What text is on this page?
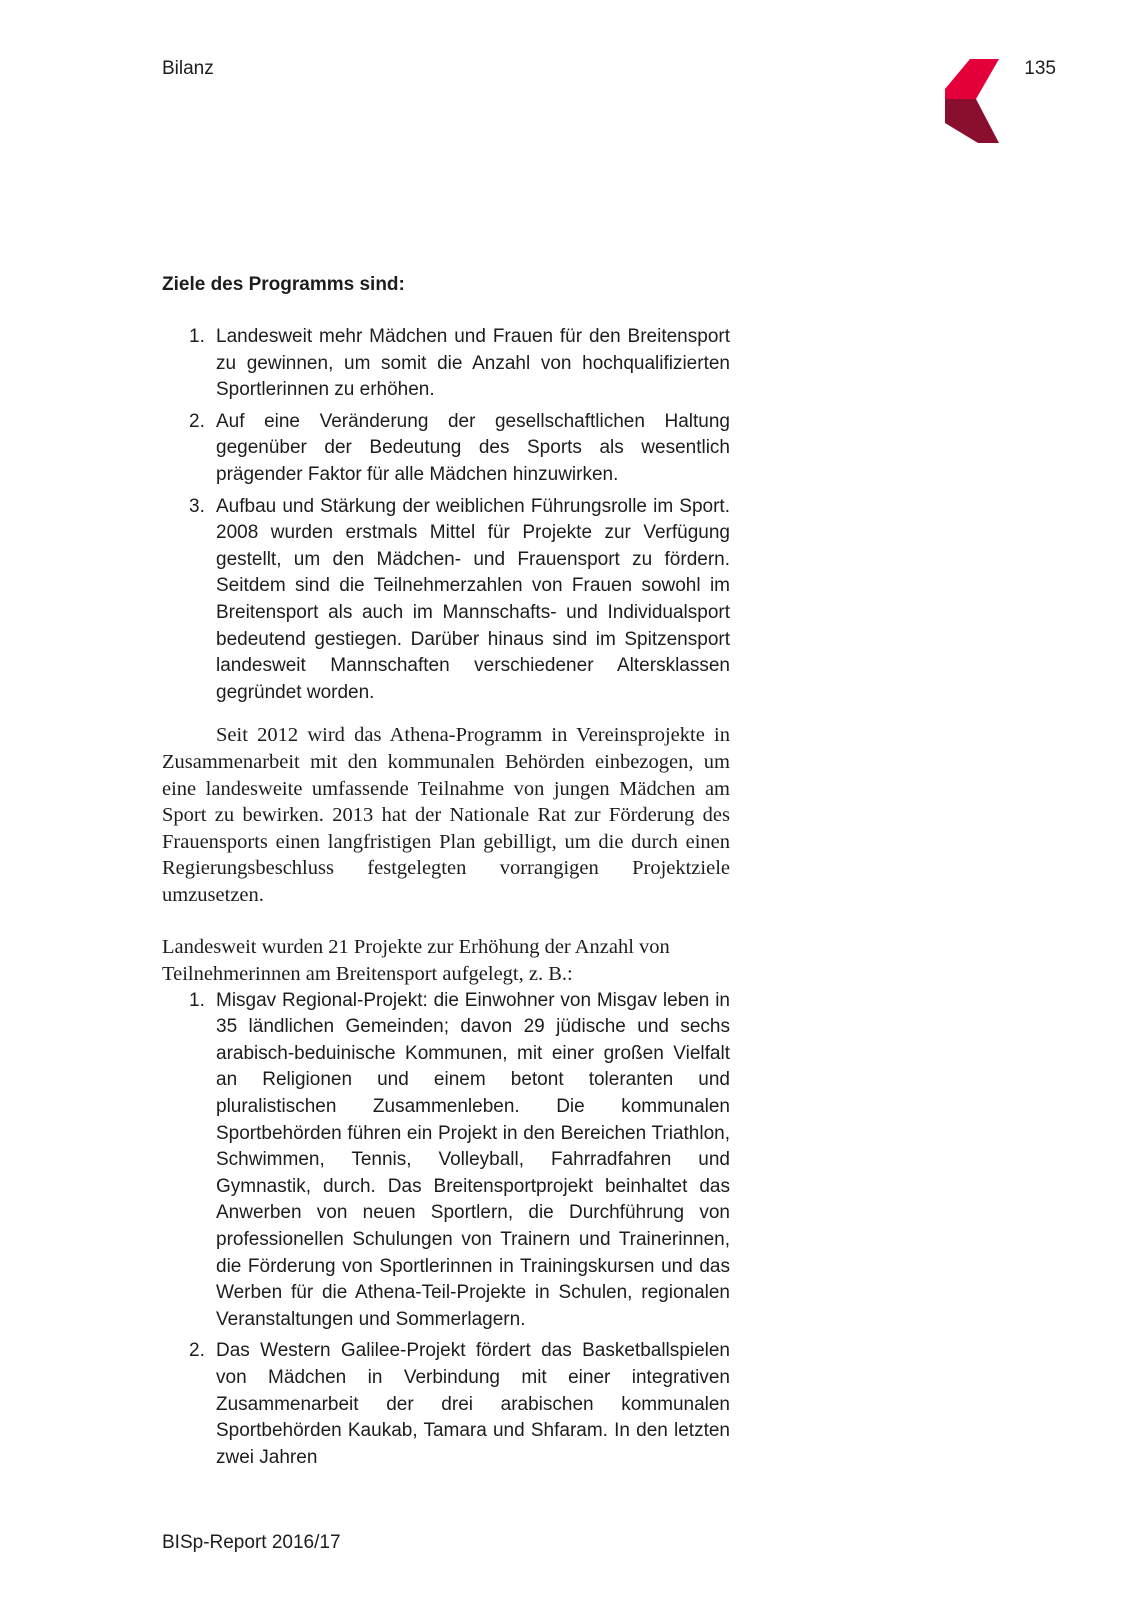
Bilanz	135

Ziele des Programms sind:

1. Landesweit mehr Mädchen und Frauen für den Breitensport zu gewinnen, um somit die Anzahl von hochqualifizierten Sportlerinnen zu erhöhen.
2. Auf eine Veränderung der gesellschaftlichen Haltung gegenüber der Bedeutung des Sports als wesentlich prägender Faktor für alle Mädchen hinzuwirken.
3. Aufbau und Stärkung der weiblichen Führungsrolle im Sport. 2008 wurden erstmals Mittel für Projekte zur Verfügung gestellt, um den Mädchen- und Frauensport zu fördern. Seitdem sind die Teilnehmerzahlen von Frauen sowohl im Breitensport als auch im Mannschafts- und Individualsport bedeutend gestiegen. Darüber hinaus sind im Spitzensport landesweit Mannschaften verschiedener Altersklassen gegründet worden.

Seit 2012 wird das Athena-Programm in Vereinsprojekte in Zusammenarbeit mit den kommunalen Behörden einbezogen, um eine landesweite umfassende Teilnahme von jungen Mädchen am Sport zu bewirken. 2013 hat der Nationale Rat zur Förderung des Frauensports einen langfristigen Plan gebilligt, um die durch einen Regierungsbeschluss festgelegten vorrangigen Projektziele umzusetzen.

Landesweit wurden 21 Projekte zur Erhöhung der Anzahl von Teilnehmerinnen am Breitensport aufgelegt, z. B.:

1. Misgav Regional-Projekt: die Einwohner von Misgav leben in 35 ländlichen Gemeinden; davon 29 jüdische und sechs arabisch-beduinische Kommunen, mit einer großen Vielfalt an Religionen und einem betont toleranten und pluralistischen Zusammenleben. Die kommunalen Sportbehörden führen ein Projekt in den Bereichen Triathlon, Schwimmen, Tennis, Volleyball, Fahrradfahren und Gymnastik, durch. Das Breitensportprojekt beinhaltet das Anwerben von neuen Sportlern, die Durchführung von professionellen Schulungen von Trainern und Trainerinnen, die Förderung von Sportlerinnen in Trainingskursen und das Werben für die Athena-Teil-Projekte in Schulen, regionalen Veranstaltungen und Sommerlagern.
2. Das Western Galilee-Projekt fördert das Basketballspielen von Mädchen in Verbindung mit einer integrativen Zusammenarbeit der drei arabischen kommunalen Sportbehörden Kaukab, Tamara und Shfaram. In den letzten zwei Jahren
BISp-Report 2016/17
